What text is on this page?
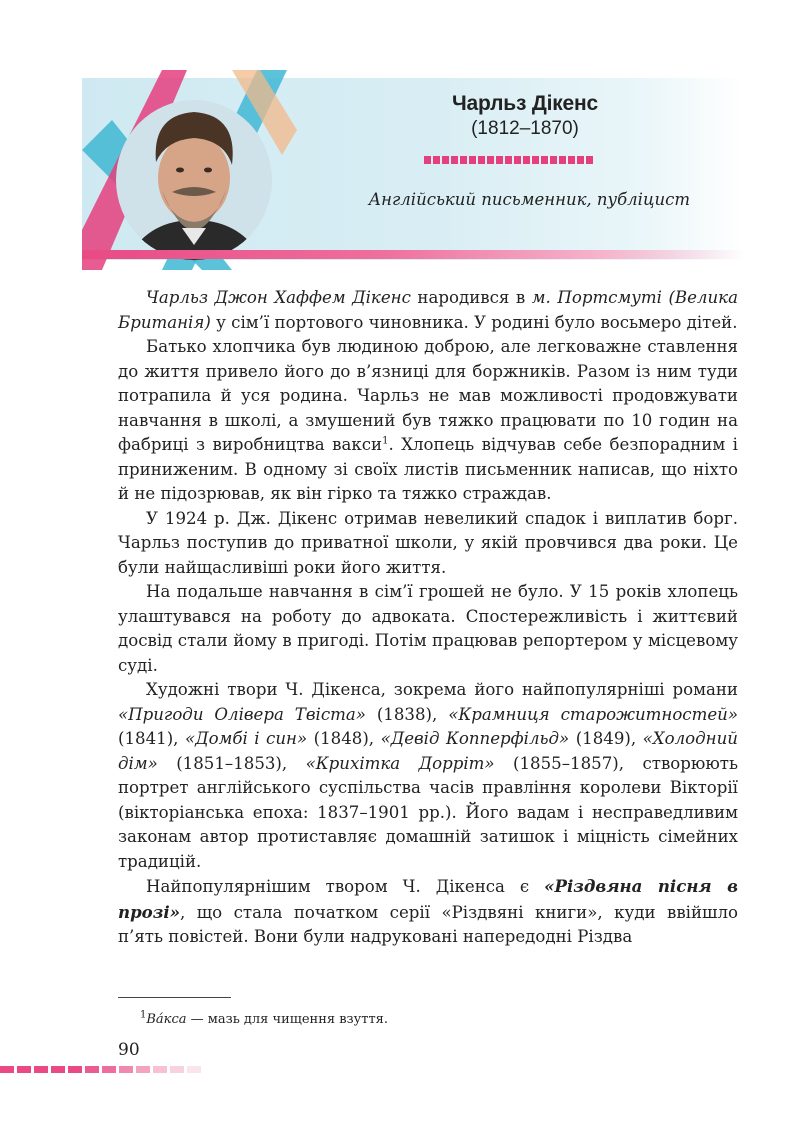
Чарльз Дікенс
(1812–1870)
Англійський письменник, публіцист

Чарльз Джон Хаффем Дікенс народився в м. Портсмуті (Велика Британія) у сім’ї портового чиновника. У родині було восьмеро дітей.

Батько хлопчика був людиною доброю, але легковажне ставлення до життя привело його до в’язниці для боржників. Разом із ним туди потрапила й уся родина. Чарльз не мав можливості продовжувати навчання в школі, а змушений був тяжко працювати по 10 годин на фабриці з виробництва вакси$^1$. Хлопець відчував себе безпорадним і приниженим. В одному зі своїх листів письменник написав, що ніхто й не підозрював, як він гірко та тяжко страждав.

У 1924 р. Дж. Дікенс отримав невеликий спадок і виплатив борг. Чарльз поступив до приватної школи, у якій провчився два роки. Це були найщасливіші роки його життя.

На подальше навчання в сім’ї грошей не було. У 15 років хлопець улаштувався на роботу до адвоката. Спостережливість і життєвий досвід стали йому в пригоді. Потім працював репортером у місцевому суді.

Художні твори Ч. Дікенса, зокрема його найпопулярніші романи «Пригоди Олівера Твіста» (1838), «Крамниця старожитностей» (1841), «Домбі і син» (1848), «Девід Копперфільд» (1849), «Холодний дім» (1851–1853), «Крихітка Дорріт» (1855–1857), створюють портрет англійського суспільства часів правління королеви Вікторії (вікторіанська епоха: 1837–1901 рр.). Його вадам і несправедливим законам автор протиставляє домашній затишок і міцність сімейних традицій.

Найпопулярнішим твором Ч. Дікенса є «Різдвяна пісня в прозі», що стала початком серії «Різдвяні книги», куди ввійшло п’ять повістей. Вони були надруковані напередодні Різдва

$^1$Ва́кса — мазь для чищення взуття.
90
